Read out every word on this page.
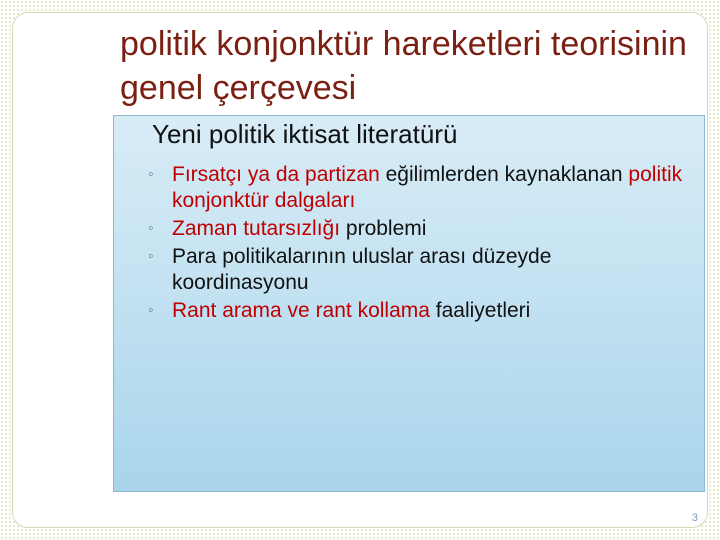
politik konjonktür hareketleri teorisinin genel çerçevesi
Yeni politik iktisat literatürü
◦ Fırsatçı ya da partizan eğilimlerden kaynaklanan politik konjonktür dalgaları
◦ Zaman tutarsızlığı problemi
◦ Para politikalarının uluslar arası düzeyde koordinasyonu
◦ Rant arama ve rant kollama faaliyetleri
3
